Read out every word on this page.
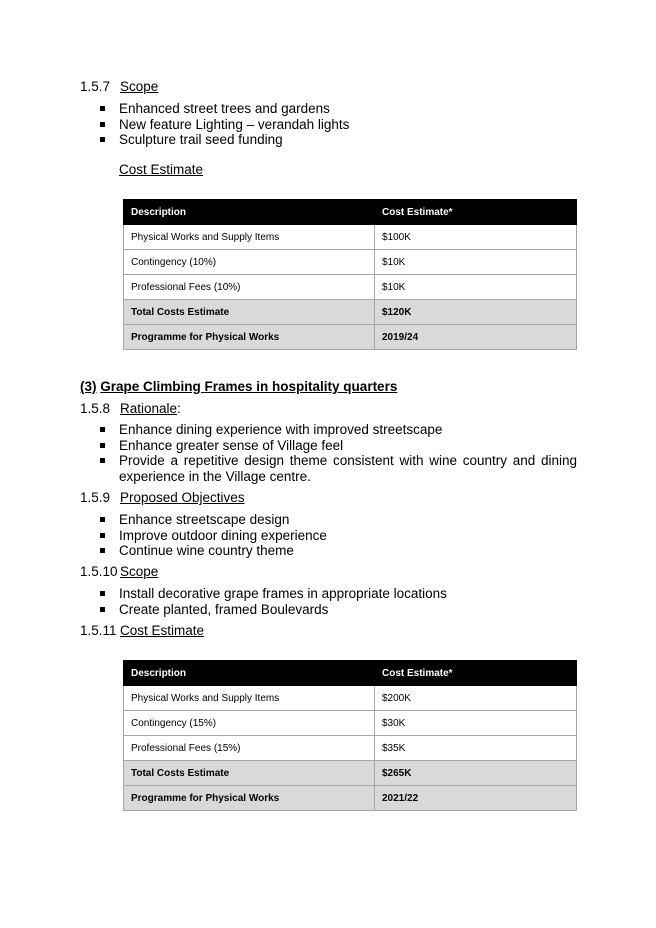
1.5.7 Scope
Enhanced street trees and gardens
New feature Lighting – verandah lights
Sculpture trail seed funding
Cost Estimate
Description	Cost Estimate*
Physical Works and Supply Items	$100K
Contingency (10%)	$10K
Professional Fees (10%)	$10K
Total Costs Estimate	$120K
Programme for Physical Works	2019/24
(3) Grape Climbing Frames in hospitality quarters
1.5.8 Rationale:
Enhance dining experience with improved streetscape
Enhance greater sense of Village feel
Provide a repetitive design theme consistent with wine country and dining experience in the Village centre.
1.5.9 Proposed Objectives
Enhance streetscape design
Improve outdoor dining experience
Continue wine country theme
1.5.10 Scope
Install decorative grape frames in appropriate locations
Create planted, framed Boulevards
1.5.11 Cost Estimate
Description	Cost Estimate*
Physical Works and Supply Items	$200K
Contingency (15%)	$30K
Professional Fees (15%)	$35K
Total Costs Estimate	$265K
Programme for Physical Works	2021/22
